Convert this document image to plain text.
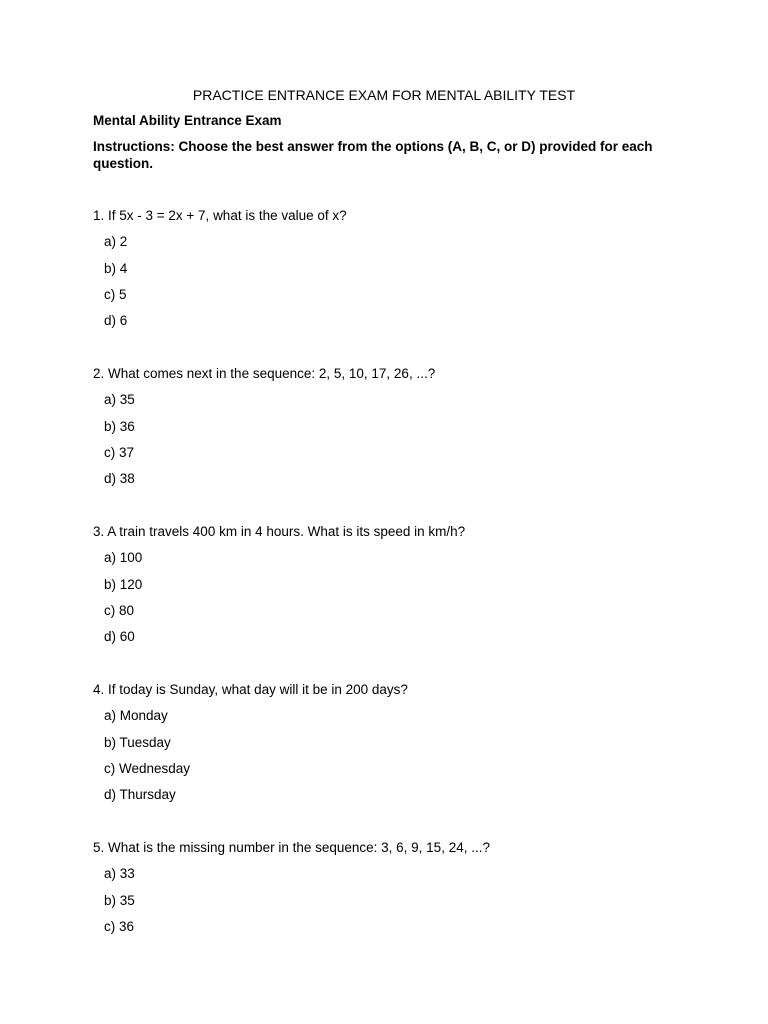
PRACTICE ENTRANCE EXAM FOR MENTAL ABILITY TEST
Mental Ability Entrance Exam
Instructions: Choose the best answer from the options (A, B, C, or D) provided for each question.
1. If 5x - 3 = 2x + 7, what is the value of x?
a) 2
b) 4
c) 5
d) 6
2. What comes next in the sequence: 2, 5, 10, 17, 26, ...?
a) 35
b) 36
c) 37
d) 38
3. A train travels 400 km in 4 hours. What is its speed in km/h?
a) 100
b) 120
c) 80
d) 60
4. If today is Sunday, what day will it be in 200 days?
a) Monday
b) Tuesday
c) Wednesday
d) Thursday
5. What is the missing number in the sequence: 3, 6, 9, 15, 24, ...?
a) 33
b) 35
c) 36
